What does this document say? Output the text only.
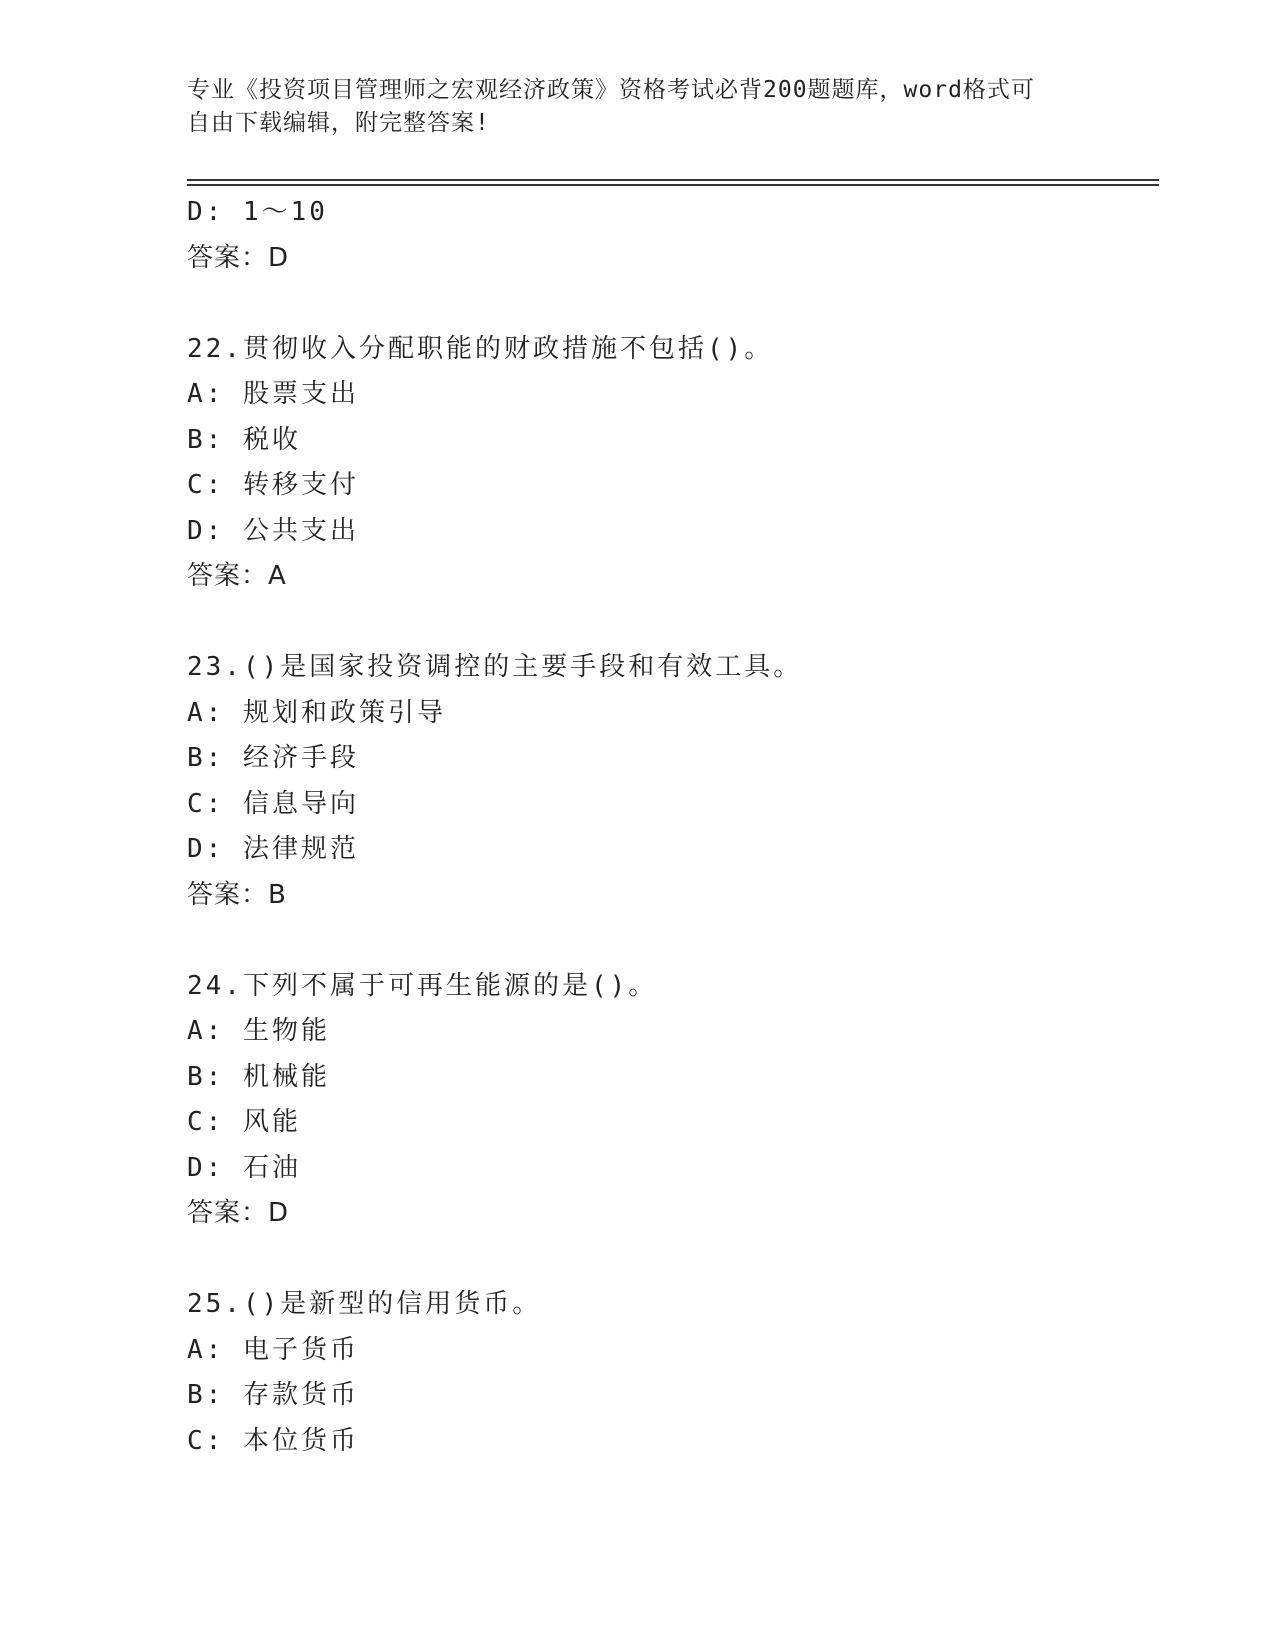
专业《投资项目管理师之宏观经济政策》资格考试必背200题题库，word格式可
自由下载编辑，附完整答案!
D: 1～10
答案：D
22.贯彻收入分配职能的财政措施不包括()。
A: 股票支出
B: 税收
C: 转移支付
D: 公共支出
答案：A
23.()是国家投资调控的主要手段和有效工具。
A: 规划和政策引导
B: 经济手段
C: 信息导向
D: 法律规范
答案：B
24.下列不属于可再生能源的是()。
A: 生物能
B: 机械能
C: 风能
D: 石油
答案：D
25.()是新型的信用货币。
A: 电子货币
B: 存款货币
C: 本位货币
